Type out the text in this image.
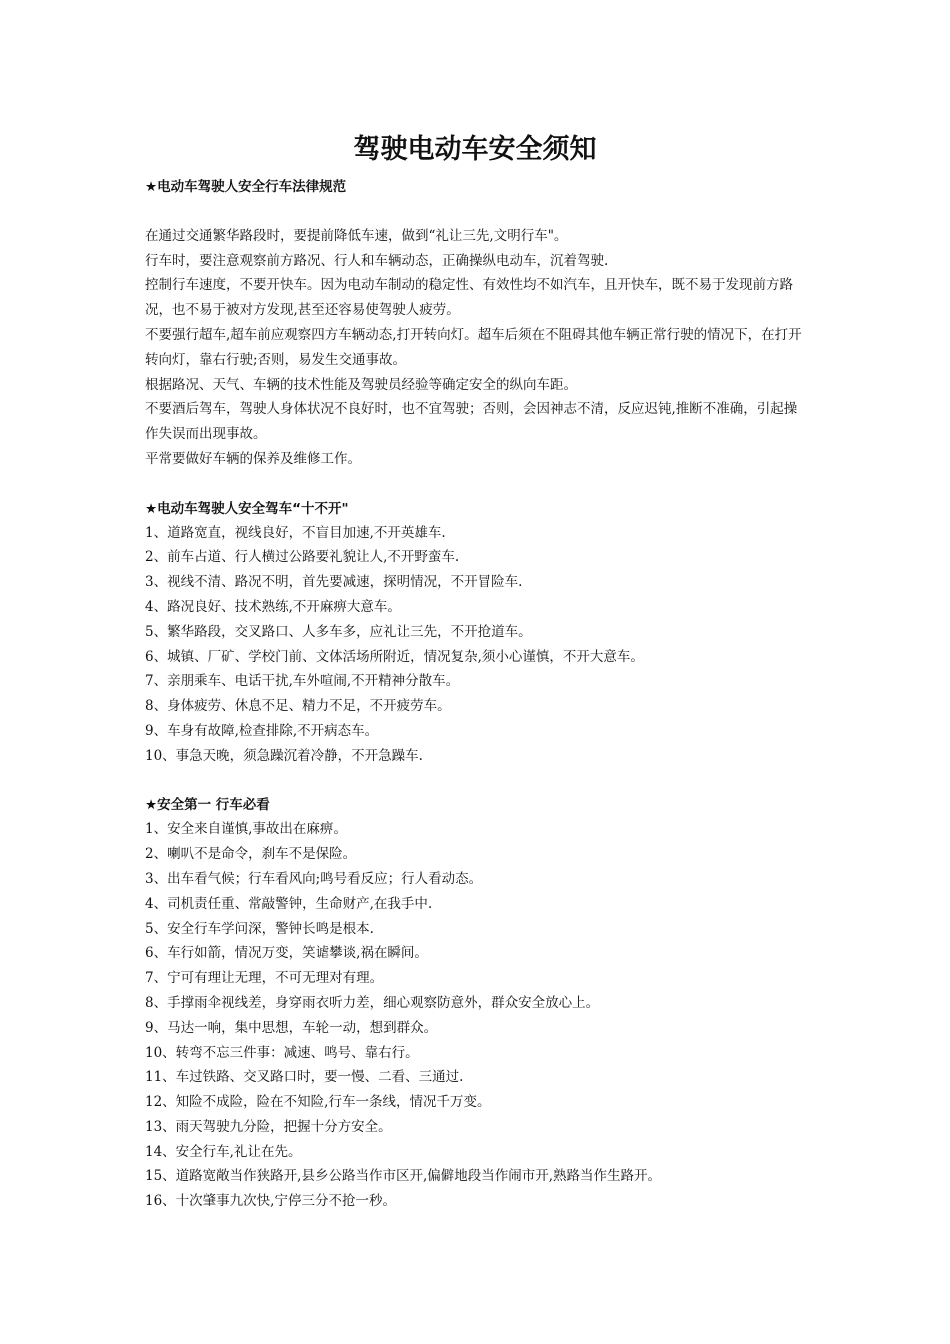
驾驶电动车安全须知
★电动车驾驶人安全行车法律规范

在通过交通繁华路段时，要提前降低车速，做到“礼让三先,文明行车"。

行车时，要注意观察前方路况、行人和车辆动态，正确操纵电动车，沉着驾驶.

控制行车速度，不要开快车。因为电动车制动的稳定性、有效性均不如汽车，且开快车，既不易于发现前方路况，也不易于被对方发现,甚至还容易使驾驶人疲劳。

不要强行超车,超车前应观察四方车辆动态,打开转向灯。超车后须在不阻碍其他车辆正常行驶的情况下，在打开转向灯，靠右行驶;否则，易发生交通事故。

根据路况、天气、车辆的技术性能及驾驶员经验等确定安全的纵向车距。

不要酒后驾车，驾驶人身体状况不良好时，也不宜驾驶；否则，会因神志不清，反应迟钝,推断不准确，引起操作失误而出现事故。

平常要做好车辆的保养及维修工作。

★电动车驾驶人安全驾车“十不开"
1、道路宽直，视线良好，不盲目加速,不开英雄车.
2、前车占道、行人横过公路要礼貌让人,不开野蛮车.
3、视线不清、路况不明，首先要减速，探明情况，不开冒险车.
4、路况良好、技术熟练,不开麻痹大意车。
5、繁华路段，交叉路口、人多车多，应礼让三先，不开抢道车。
6、城镇、厂矿、学校门前、文体活场所附近，情况复杂,须小心谨慎，不开大意车。
7、亲朋乘车、电话干扰,车外喧闹,不开精神分散车。
8、身体疲劳、休息不足、精力不足，不开疲劳车。
9、车身有故障,检查排除,不开病态车。
10、事急天晚，须急躁沉着冷静，不开急躁车.
★安全第一 行车必看
1、安全来自谨慎,事故出在麻痹。
2、喇叭不是命令，刹车不是保险。
3、出车看气候；行车看风向;鸣号看反应；行人看动态。
4、司机责任重、常敲警钟，生命财产,在我手中.
5、安全行车学问深，警钟长鸣是根本.
6、车行如箭，情况万变，笑谑攀谈,祸在瞬间。
7、宁可有理让无理，不可无理对有理。
8、手撑雨伞视线差，身穿雨衣听力差，细心观察防意外，群众安全放心上。
9、马达一响，集中思想，车轮一动，想到群众。
10、转弯不忘三件事：减速、鸣号、靠右行。
11、车过铁路、交叉路口时，要一慢、二看、三通过.
12、知险不成险，险在不知险,行车一条线，情况千万变。
13、雨天驾驶九分险，把握十分方安全。
14、安全行车,礼让在先。
15、道路宽敞当作狭路开,县乡公路当作市区开,偏僻地段当作闹市开,熟路当作生路开。
16、十次肇事九次快,宁停三分不抢一秒。
